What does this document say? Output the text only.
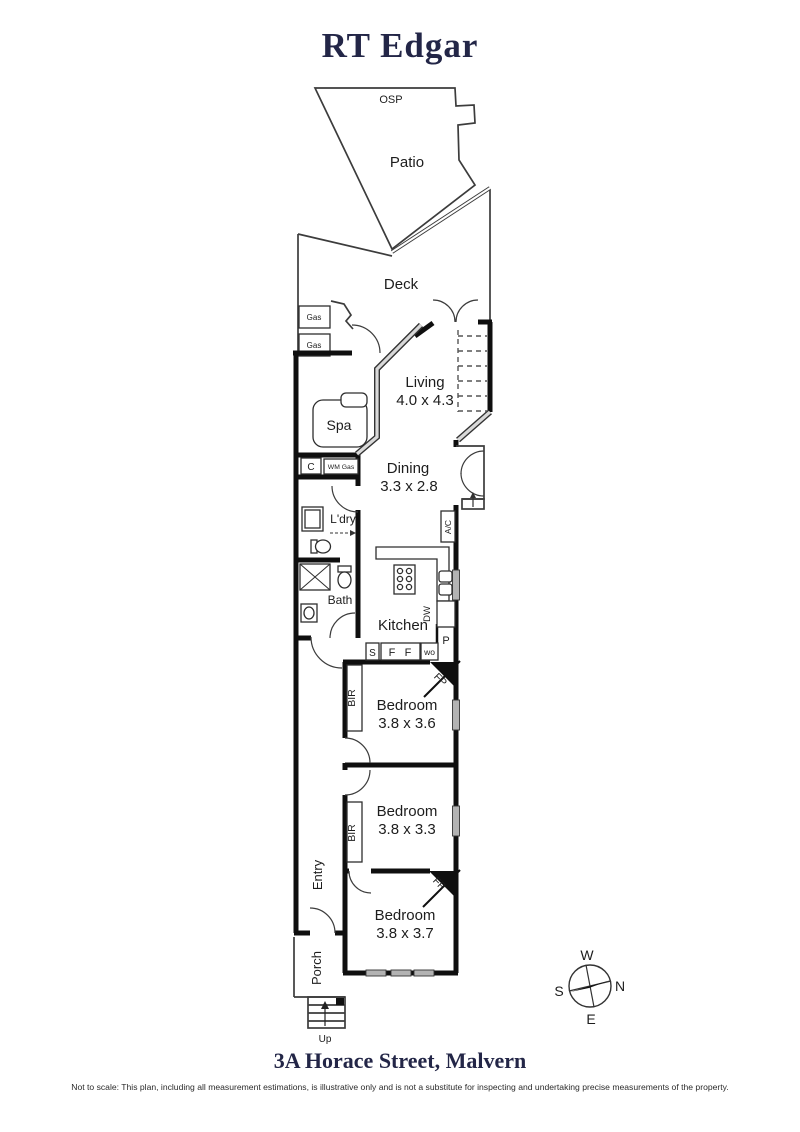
RT Edgar
OSP
Patio
Deck
Gas
Gas
Living
4.0 x 4.3
Spa
C WM Gas Dining
3.3 x 2.8
L'dry
A/C
Bath
DW
Kitchen
P
S F F wo
FP
BIR Bedroom
3.8 x 3.6
Bedroom
3.8 x 3.3
BIR
Entry	FP
Bedroom
3.8 x 3.7
Porch
Up
W
N
S
E
3A Horace Street, Malvern
Not to scale: This plan, including all measurement estimations, is illustrative only and is not a substitute for inspecting and undertaking precise measurements of the property.
